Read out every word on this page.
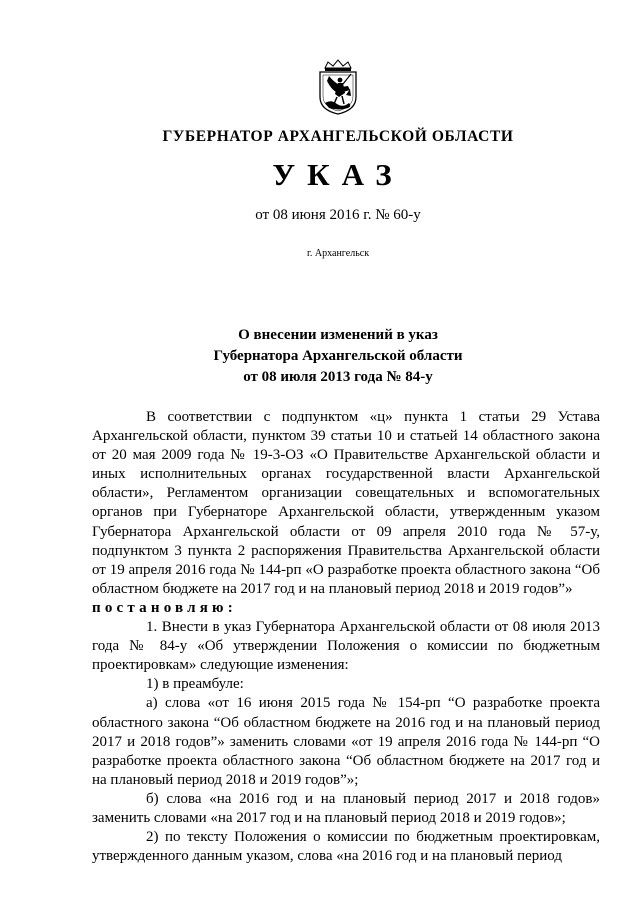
ГУБЕРНАТОР АРХАНГЕЛЬСКОЙ ОБЛАСТИ
УКАЗ
от 08 июня 2016 г. № 60-у
г. Архангельск
О внесении изменений в указ
Губернатора Архангельской области
от 08 июля 2013 года № 84-у

В соответствии с подпунктом «ц» пункта 1 статьи 29 Устава Архангельской области, пунктом 39 статьи 10 и статьей 14 областного закона от 20 мая 2009 года № 19-3-ОЗ «О Правительстве Архангельской области и иных исполнительных органах государственной власти Архангельской области», Регламентом организации совещательных и вспомогательных органов при Губернаторе Архангельской области, утвержденным указом Губернатора Архангельской области от 09 апреля 2010 года № 57-у, подпунктом 3 пункта 2 распоряжения Правительства Архангельской области от 19 апреля 2016 года № 144-рп «О разработке проекта областного закона “Об областном бюджете на 2017 год и на плановый период 2018 и 2019 годов”»

постановляю:

1. Внести в указ Губернатора Архангельской области от 08 июля 2013 года № 84-у «Об утверждении Положения о комиссии по бюджетным проектировкам» следующие изменения:

1) в преамбуле:

а) слова «от 16 июня 2015 года № 154-рп “О разработке проекта областного закона “Об областном бюджете на 2016 год и на плановый период 2017 и 2018 годов”» заменить словами «от 19 апреля 2016 года № 144-рп “О разработке проекта областного закона “Об областном бюджете на 2017 год и на плановый период 2018 и 2019 годов”»;

б) слова «на 2016 год и на плановый период 2017 и 2018 годов» заменить словами «на 2017 год и на плановый период 2018 и 2019 годов»;

2) по тексту Положения о комиссии по бюджетным проектировкам, утвержденного данным указом, слова «на 2016 год и на плановый период
